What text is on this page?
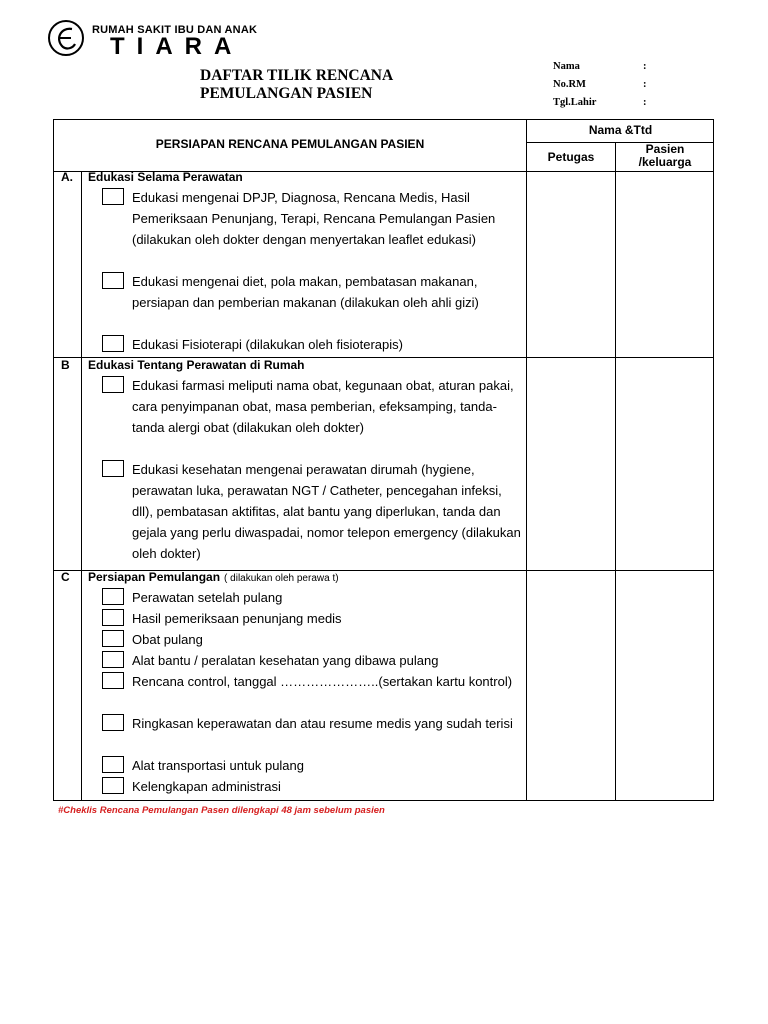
RUMAH SAKIT IBU DAN ANAK
TIARA
DAFTAR TILIK RENCANA
PEMULANGAN PASIEN
Nama	:
No.RM	:
Tgl.Lahir	:
PERSIAPAN RENCANA PEMULANGAN PASIEN
Nama &Ttd
Petugas
Pasien
/keluarga
A. Edukasi Selama Perawatan
Edukasi mengenai DPJP, Diagnosa, Rencana Medis, Hasil Pemeriksaan Penunjang, Terapi, Rencana Pemulangan Pasien (dilakukan oleh dokter dengan menyertakan leaflet edukasi)
Edukasi mengenai diet, pola makan, pembatasan makanan, persiapan dan pemberian makanan (dilakukan oleh ahli gizi)
Edukasi Fisioterapi (dilakukan oleh fisioterapis)
B Edukasi Tentang Perawatan di Rumah
Edukasi farmasi meliputi nama obat, kegunaan obat, aturan pakai, cara penyimpanan obat, masa pemberian, efeksamping, tanda-tanda alergi obat (dilakukan oleh dokter)
Edukasi kesehatan mengenai perawatan dirumah (hygiene, perawatan luka, perawatan NGT / Catheter, pencegahan infeksi, dll), pembatasan aktifitas, alat bantu yang diperlukan, tanda dan gejala yang perlu diwaspadai, nomor telepon emergency (dilakukan oleh dokter)
C Persiapan Pemulangan ( dilakukan oleh perawa t)
Perawatan setelah pulang
Hasil pemeriksaan penunjang medis
Obat pulang
Alat bantu / peralatan kesehatan yang dibawa pulang
Rencana control, tanggal …………………..(sertakan kartu kontrol)
Ringkasan keperawatan dan atau resume medis yang sudah terisi
Alat transportasi untuk pulang
Kelengkapan administrasi
#Cheklis Rencana Pemulangan Pasen dilengkapi 48 jam sebelum pasien
